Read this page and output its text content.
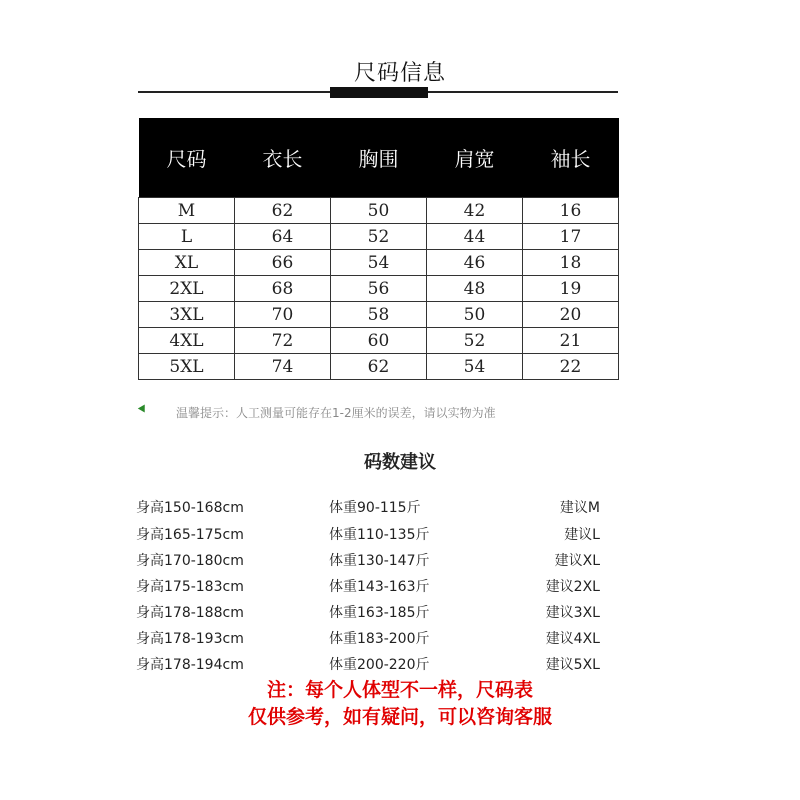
尺码信息
尺码	衣长	胸围	肩宽	袖长
M	62	50	42	16
L	64	52	44	17
XL	66	54	46	18
2XL	68	56	48	19
3XL	70	58	50	20
4XL	72	60	52	21
5XL	74	62	54	22
温馨提示：人工测量可能存在1-2厘米的误差，请以实物为准
码数建议
身高150-168cm	体重90-115斤	建议M
身高165-175cm	体重110-135斤	建议L
身高170-180cm	体重130-147斤	建议XL
身高175-183cm	体重143-163斤	建议2XL
身高178-188cm	体重163-185斤	建议3XL
身高178-193cm	体重183-200斤	建议4XL
身高178-194cm	体重200-220斤	建议5XL
注：每个人体型不一样，尺码表
仅供参考，如有疑问，可以咨询客服
